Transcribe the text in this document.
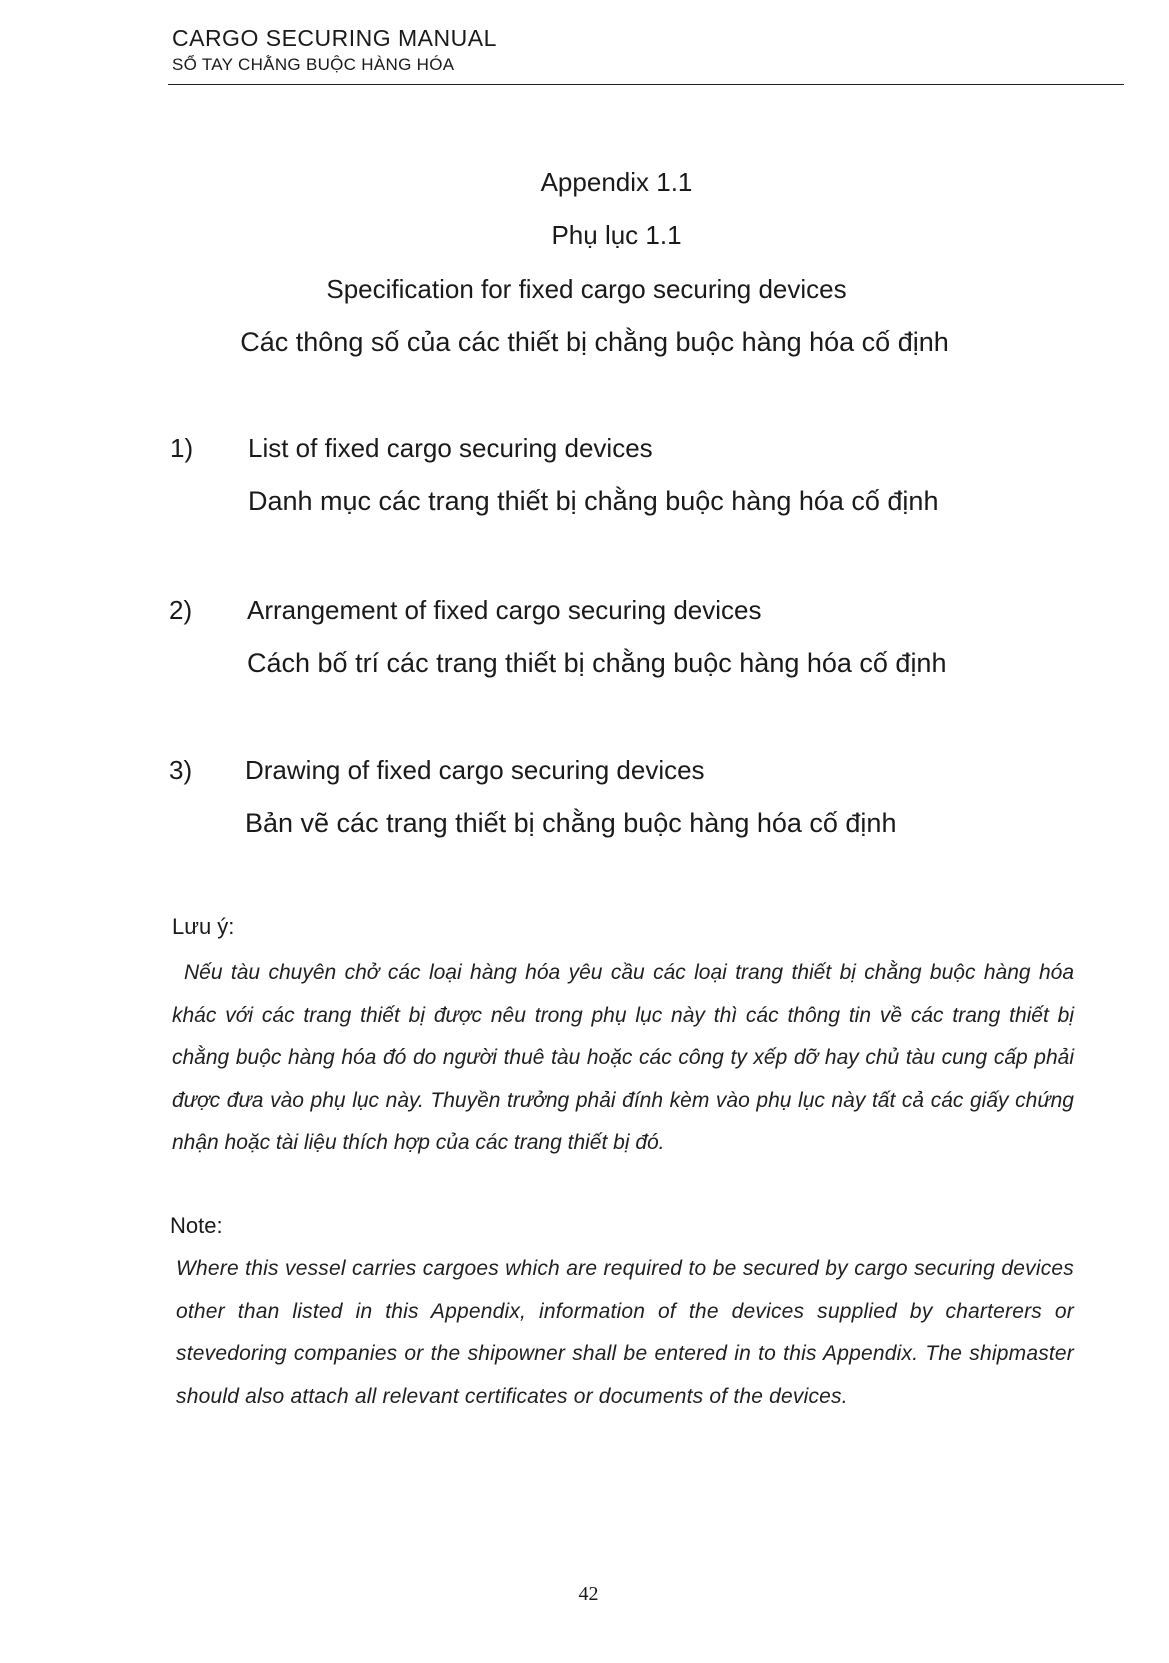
CARGO SECURING MANUAL
SỔ TAY CHẰNG BUỘC HÀNG HÓA
Appendix 1.1
Phụ lục 1.1
Specification for fixed cargo securing devices
Các thông số của các thiết bị chằng buộc hàng hóa cố định
1) List of fixed cargo securing devices
Danh mục các trang thiết bị chằng buộc hàng hóa cố định
2) Arrangement of fixed cargo securing devices
Cách bố trí các trang thiết bị chằng buộc hàng hóa cố định
3) Drawing of fixed cargo securing devices
Bản vẽ các trang thiết bị chằng buộc hàng hóa cố định
Lưu ý:
Nếu tàu chuyên chở các loại hàng hóa yêu cầu các loại trang thiết bị chằng buộc hàng hóa khác với các trang thiết bị được nêu trong phụ lục này thì các thông tin về các trang thiết bị chằng buộc hàng hóa đó do người thuê tàu hoặc các công ty xếp dỡ hay chủ tàu cung cấp phải được đưa vào phụ lục này. Thuyền trưởng phải đính kèm vào phụ lục này tất cả các giấy chứng nhận hoặc tài liệu thích hợp của các trang thiết bị đó.
Note:
Where this vessel carries cargoes which are required to be secured by cargo securing devices other than listed in this Appendix, information of the devices supplied by charterers or stevedoring companies or the shipowner shall be entered in to this Appendix. The shipmaster should also attach all relevant certificates or documents of the devices.
42
